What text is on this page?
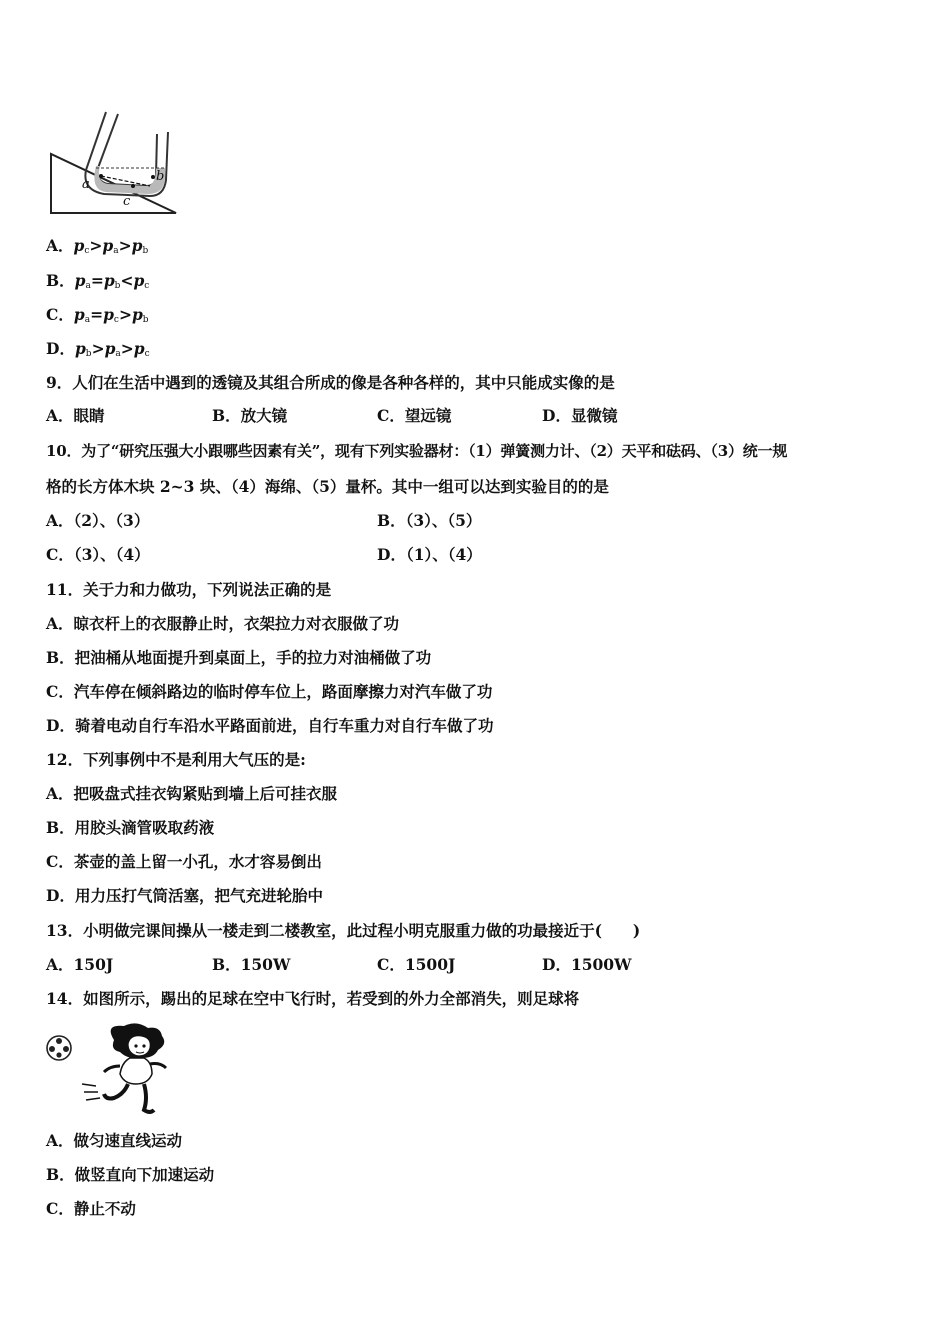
a
b
c
A．$p_c>p_a>p_b$
B．$p_a=p_b<p_c$
C．$p_a=p_c>p_b$
D．$p_b>p_a>p_c$
9．人们在生活中遇到的透镜及其组合所成的像是各种各样的，其中只能成实像的是
A．眼睛	B．放大镜	C．望远镜	D．显微镜
10．为了“研究压强大小跟哪些因素有关”，现有下列实验器材：（1）弹簧测力计、（2）天平和砝码、（3）统一规
格的长方体木块 2~3 块、（4）海绵、（5）量杯。其中一组可以达到实验目的的是
A．（2）、（3）	B．（3）、（5）
C．（3）、（4）	D．（1）、（4）
11．关于力和力做功，下列说法正确的是
A．晾衣杆上的衣服静止时，衣架拉力对衣服做了功
B．把油桶从地面提升到桌面上，手的拉力对油桶做了功
C．汽车停在倾斜路边的临时停车位上，路面摩擦力对汽车做了功
D．骑着电动自行车沿水平路面前进，自行车重力对自行车做了功
12．下列事例中不是利用大气压的是:
A．把吸盘式挂衣钩紧贴到墙上后可挂衣服
B．用胶头滴管吸取药液
C．茶壶的盖上留一小孔，水才容易倒出
D．用力压打气筒活塞，把气充进轮胎中
13．小明做完课间操从一楼走到二楼教室，此过程小明克服重力做的功最接近于(　　)
A．150J	B．150W	C．1500J	D．1500W
14．如图所示，踢出的足球在空中飞行时，若受到的外力全部消失，则足球将
A．做匀速直线运动
B．做竖直向下加速运动
C．静止不动
